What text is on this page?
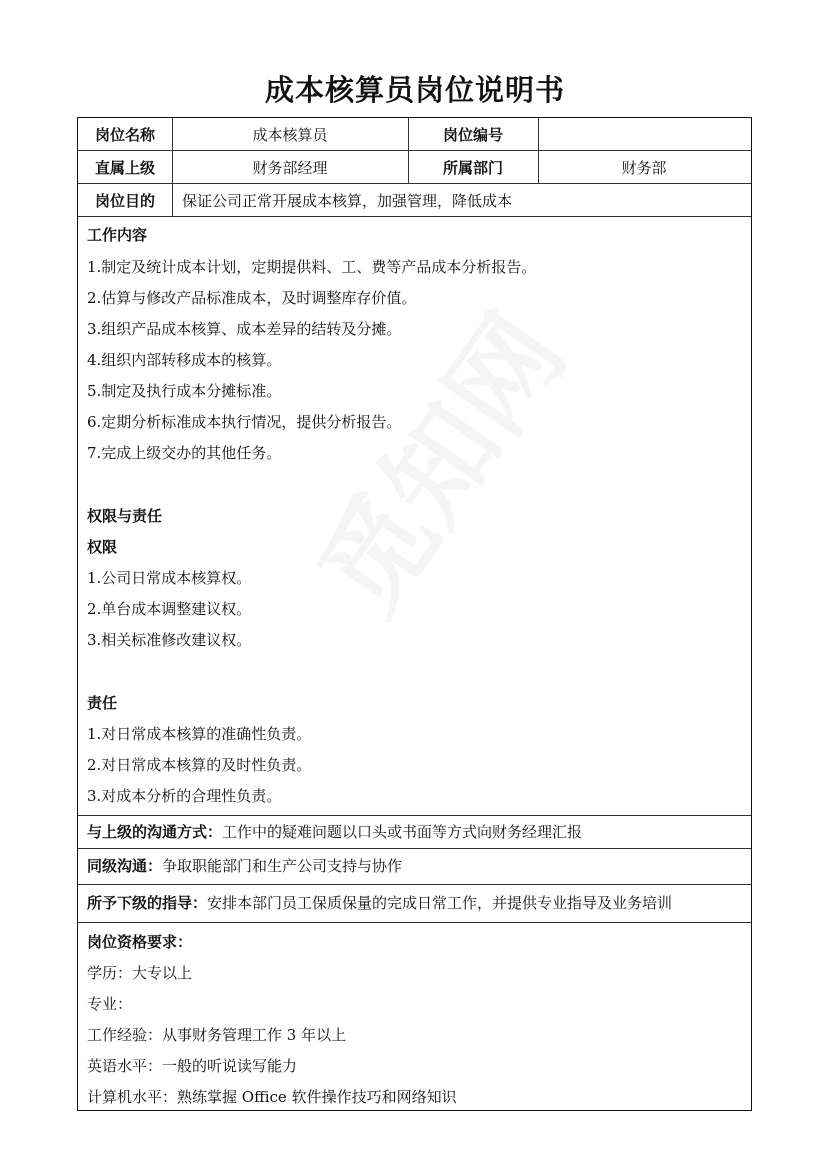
成本核算员岗位说明书
岗位名称	成本核算员	岗位编号
直属上级	财务部经理	所属部门	财务部
岗位目的	保证公司正常开展成本核算，加强管理，降低成本
工作内容
1.制定及统计成本计划，定期提供料、工、费等产品成本分析报告。
2.估算与修改产品标准成本，及时调整库存价值。
3.组织产品成本核算、成本差异的结转及分摊。
4.组织内部转移成本的核算。
5.制定及执行成本分摊标准。
6.定期分析标准成本执行情况，提供分析报告。
7.完成上级交办的其他任务。
权限与责任
权限
1.公司日常成本核算权。
2.单台成本调整建议权。
3.相关标准修改建议权。
责任
1.对日常成本核算的准确性负责。
2.对日常成本核算的及时性负责。
3.对成本分析的合理性负责。
与上级的沟通方式：工作中的疑难问题以口头或书面等方式向财务经理汇报
同级沟通：争取职能部门和生产公司支持与协作
所予下级的指导：安排本部门员工保质保量的完成日常工作，并提供专业指导及业务培训
岗位资格要求：
学历：大专以上
专业：
工作经验：从事财务管理工作 3 年以上
英语水平：一般的听说读写能力
计算机水平：熟练掌握 Office 软件操作技巧和网络知识
